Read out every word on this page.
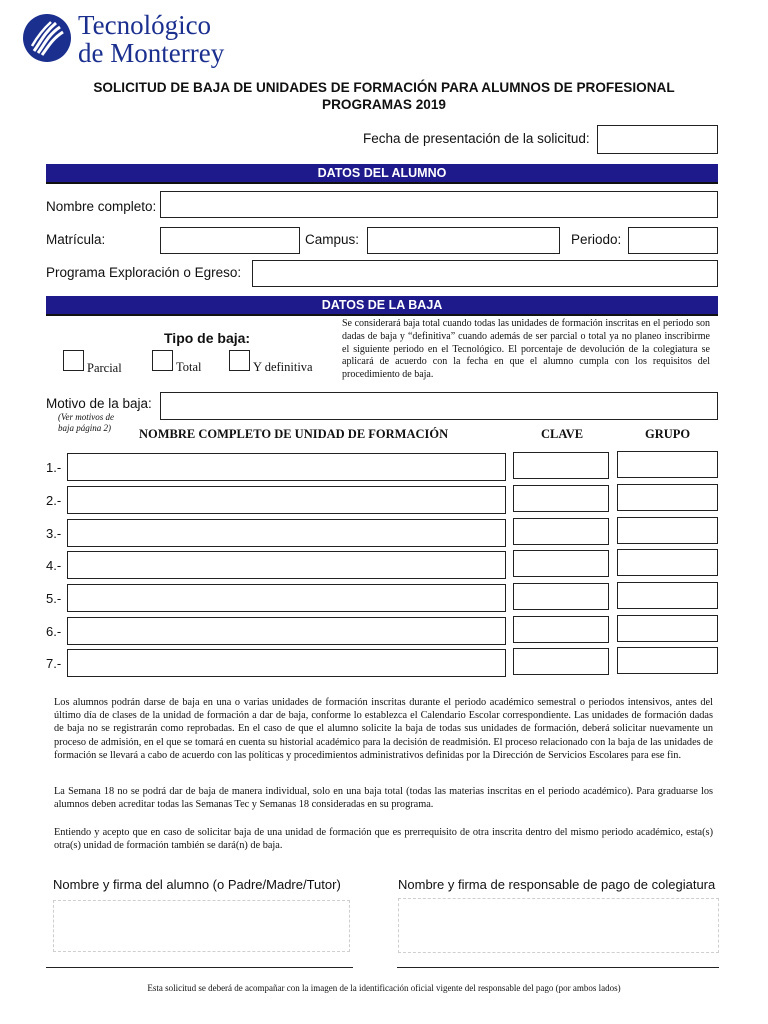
Tecnológico
de Monterrey
SOLICITUD DE BAJA DE UNIDADES DE FORMACIÓN PARA ALUMNOS DE PROFESIONAL
PROGRAMAS 2019
Fecha de presentación de la solicitud:
DATOS DEL ALUMNO
Nombre completo:
Matrícula:	Campus:	Periodo:
Programa Exploración o Egreso:
DATOS DE LA BAJA
Tipo de baja:
Parcial	Total	Y definitiva
Se considerará baja total cuando todas las unidades de formación inscritas en el periodo son dadas de baja y “definitiva” cuando además de ser parcial o total ya no planeo inscribirme el siguiente periodo en el Tecnológico. El porcentaje de devolución de la colegiatura se aplicará de acuerdo con la fecha en que el alumno cumpla con los requisitos del procedimiento de baja.
Motivo de la baja:
(Ver motivos de
baja página 2) NOMBRE COMPLETO DE UNIDAD DE FORMACIÓN	CLAVE	GRUPO
1.-
2.-
3.-
4.-
5.-
6.-
7.-
Los alumnos podrán darse de baja en una o varias unidades de formación inscritas durante el periodo académico semestral o periodos intensivos, antes del último día de clases de la unidad de formación a dar de baja, conforme lo establezca el Calendario Escolar correspondiente. Las unidades de formación dadas de baja no se registrarán como reprobadas. En el caso de que el alumno solicite la baja de todas sus unidades de formación, deberá solicitar nuevamente un proceso de admisión, en el que se tomará en cuenta su historial académico para la decisión de readmisión. El proceso relacionado con la baja de las unidades de formación se llevará a cabo de acuerdo con las políticas y procedimientos administrativos definidas por la Dirección de Servicios Escolares para ese fin.
La Semana 18 no se podrá dar de baja de manera individual, solo en una baja total (todas las materias inscritas en el periodo académico). Para graduarse los alumnos deben acreditar todas las Semanas Tec y Semanas 18 consideradas en su programa.
Entiendo y acepto que en caso de solicitar baja de una unidad de formación que es prerrequisito de otra inscrita dentro del mismo periodo académico, esta(s) otra(s) unidad de formación también se dará(n) de baja.
Nombre y firma del alumno (o Padre/Madre/Tutor)	Nombre y firma de responsable de pago de colegiatura
Esta solicitud se deberá de acompañar con la imagen de la identificación oficial vigente del responsable del pago (por ambos lados)
